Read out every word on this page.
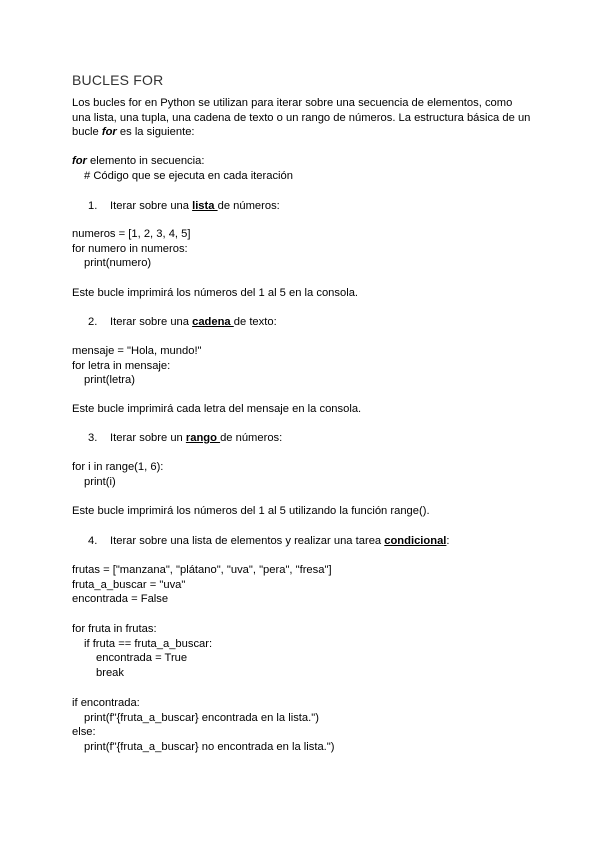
BUCLES FOR
Los bucles for en Python se utilizan para iterar sobre una secuencia de elementos, como
una lista, una tupla, una cadena de texto o un rango de números. La estructura básica de un
bucle for es la siguiente:
for elemento in secuencia:
# Código que se ejecuta en cada iteración
1. Iterar sobre una lista de números:
numeros = [1, 2, 3, 4, 5]
for numero in numeros:
print(numero)
Este bucle imprimirá los números del 1 al 5 en la consola.
2. Iterar sobre una cadena de texto:
mensaje = "Hola, mundo!"
for letra in mensaje:
print(letra)
Este bucle imprimirá cada letra del mensaje en la consola.
3. Iterar sobre un rango de números:
for i in range(1, 6):
print(i)
Este bucle imprimirá los números del 1 al 5 utilizando la función range().
4. Iterar sobre una lista de elementos y realizar una tarea condicional:
frutas = ["manzana", "plátano", "uva", "pera", "fresa"]
fruta_a_buscar = "uva"
encontrada = False
for fruta in frutas:
if fruta == fruta_a_buscar:
encontrada = True
break
if encontrada:
print(f"{fruta_a_buscar} encontrada en la lista.")
else:
print(f"{fruta_a_buscar} no encontrada en la lista.")
